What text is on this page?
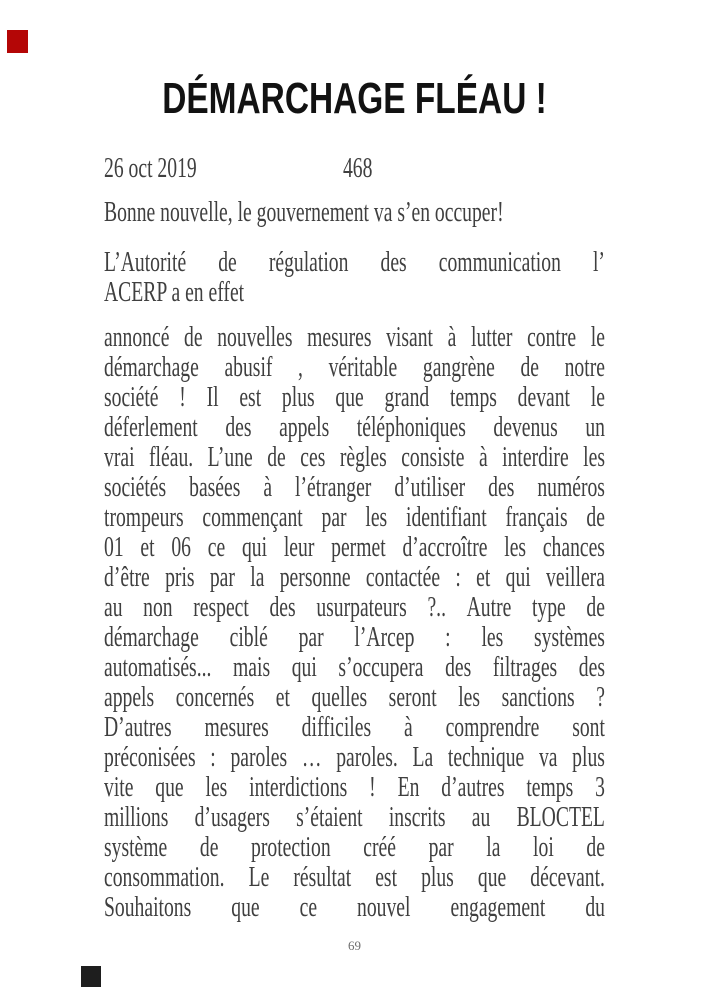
DÉMARCHAGE FLÉAU !
26 oct 2019	468
Bonne nouvelle, le gouvernement va s’en occuper!
L’Autorité de régulation des communication l’
ACERP a en effet
annoncé de nouvelles mesures visant à lutter contre le
démarchage abusif , véritable gangrène de notre
société ! Il est plus que grand temps devant le
déferlement des appels téléphoniques devenus un
vrai fléau. L’une de ces règles consiste à interdire les
sociétés basées à l’étranger d’utiliser des numéros
trompeurs commençant par les identifiant français de
01 et 06 ce qui leur permet d’accroître les chances
d’être pris par la personne contactée : et qui veillera
au non respect des usurpateurs ?.. Autre type de
démarchage ciblé par l’Arcep : les systèmes
automatisés... mais qui s’occupera des filtrages des
appels concernés et quelles seront les sanctions ?
D’autres mesures difficiles à comprendre sont
préconisées : paroles … paroles. La technique va plus
vite que les interdictions ! En d’autres temps 3
millions d’usagers s’étaient inscrits au BLOCTEL
système de protection créé par la loi de
consommation. Le résultat est plus que décevant.
Souhaitons que ce nouvel engagement du
69
